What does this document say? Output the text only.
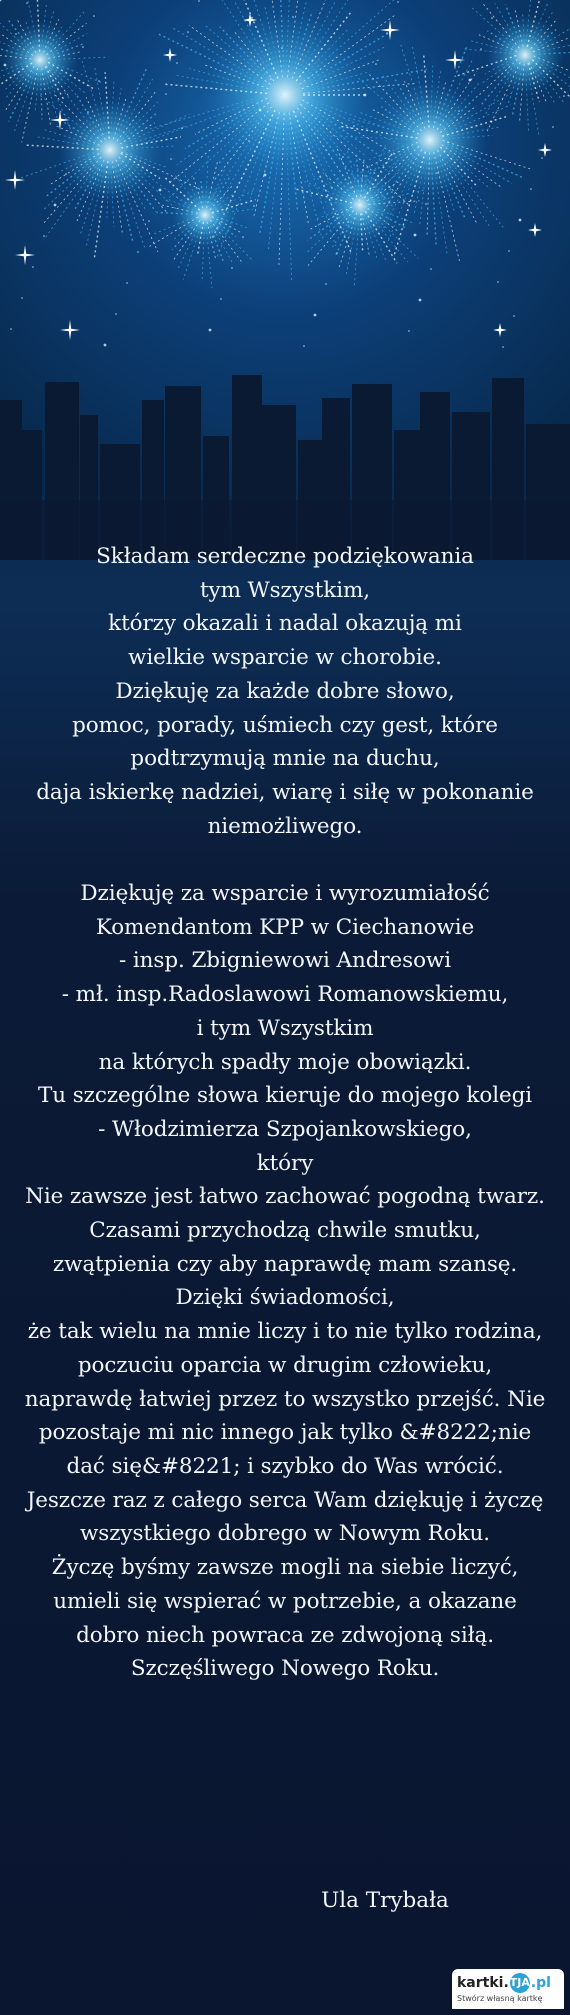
Składam serdeczne podziękowania
tym Wszystkim,
którzy okazali i nadal okazują mi
wielkie wsparcie w chorobie.
Dziękuję za każde dobre słowo,
pomoc, porady, uśmiech czy gest, które
podtrzymują mnie na duchu,
daja iskierkę nadziei, wiarę i siłę w pokonanie
niemożliwego.

Dziękuję za wsparcie i wyrozumiałość
Komendantom KPP w Ciechanowie
- insp. Zbigniewowi Andresowi
- mł. insp.Radoslawowi Romanowskiemu,
i tym Wszystkim
na których spadły moje obowiązki.
Tu szczególne słowa kieruje do mojego kolegi
- Włodzimierza Szpojankowskiego,
który
Nie zawsze jest łatwo zachować pogodną twarz.
Czasami przychodzą chwile smutku,
zwątpienia czy aby naprawdę mam szansę.
Dzięki świadomości,
że tak wielu na mnie liczy i to nie tylko rodzina,
poczuciu oparcia w drugim człowieku,
naprawdę łatwiej przez to wszystko przejść. Nie
pozostaje mi nic innego jak tylko &#8222;nie
dać się&#8221; i szybko do Was wrócić.
Jeszcze raz z całego serca Wam dziękuję i życzę
wszystkiego dobrego w Nowym Roku.
Życzę byśmy zawsze mogli na siebie liczyć,
umieli się wspierać w potrzebie, a okazane
dobro niech powraca ze zdwojoną siłą.
Szczęśliwego Nowego Roku.
Ula Trybała
kartki. TJA .pl
Stwórz własną kartkę
